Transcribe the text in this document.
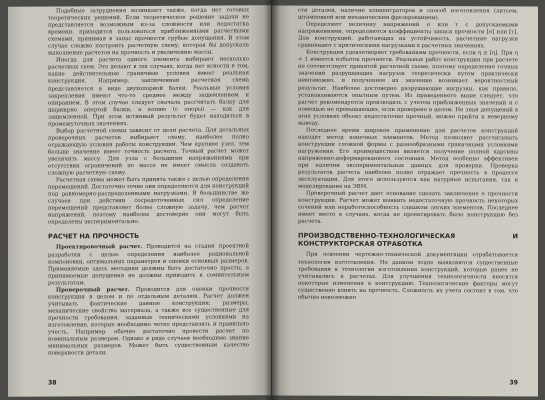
Подобные затруднения возникают также, когда нет готовых теоретических решений. Если теоретическое решение задачи не представляется возможным из-за сложности или недостатка времени, приходится пользоваться приближенными расчетными схемами, принимая в запас прочности грубые допущения. В этом случае сложно построить расчетную схему, которая бы допускала выполнение расчетов на прочность и увеличению массы.

Иногда для расчета одного элемента выбирают несколько расчетных схем. Это делают в тех случаях, когда нет ясности в том, какие действительные граничные условия имеет реальная конструкция. Например, заключенная расчетная схема представляется в виде двухопорной балки. Реальные условия закрепления имеют что-то среднее между защемлением и опиранием. В этом случае следует сначала рассчитать балку для шарнирно опертой балки, а копию (с опоры) — как для защемленной. При этом истинный результат будет находиться в промежуточных значениях.

Выбор расчетной схемы зависит от цели расчета. Для детальных проверочных расчетов выбирают схему, наиболее полно отражающую условия работы конструкции. Чем крупнее узел, тем больше значение имеет точность расчета. Точный расчет может увеличить массу. Для узла с большими напряжениями при отсутствии ограничений по массе не имеет смысла создавать сложную расчетную схему.

Расчетная схема может быть принята также с целью определения перемещений. Достаточно точно они определяются для конструкций под равномерно-распределенными нагрузками. В большинстве же случаев при действии сосредоточенных сил определение перемещений представляет более сложную задачу, чем расчет напряжений, поэтому наиболее достоверно они могут быть определены экспериментально.

РАСЧЕТ НА ПРОЧНОСТЬ

Проектировочный расчет. Проводится на стадии проектной разработки с целью определения наиболее рациональной компоновки, оптимальных параметров и оценки основных размеров. Применяемые здесь методики должны быть достаточно просты, а принимаемые допущения не должны приводить к сомнительным результатам.

Проверочный расчет. Проводится для оценки прочности конструкции в целом и по отдельным деталям. Расчет должен учитывать фактические данные конструкции: размеры, механические свойства материала, а также все существенные для прочности требования, заданные техническими условиями на изготовление, которые необходимо четко представлять и правильно учесть. Например, обычно достаточно провести расчет по номинальным размерам. Однако в ряде случаев необходимо знание минимальных размеров. Может быть существенным качество поверхности детали.

38

сти деталей, наличие концентраторов и способ изготовления (литьем, штамповкой или механическим фрезерованием).

Определяют величину напряжений σ или τ с допускаемыми напряжениями, определяются коэффициенты запаса прочности [σ] или [τ]. Для конструкций, работающих на устойчивость, расчетные нагрузки сравнивают с критическими нагрузками в расчетных значениях.

Конструкция удовлетворяет требованиям прочности, если η ≥ [η]. При η < 1 имеется избыток прочности. Реальных работ конструкции при расчете не соответствует принятой расчетной схеме, поэтому определение точных значений разрушающих нагрузок теоретически путем практически невозможно, и полученное их значение возникает вероятностный результат. Наиболее достоверно разрушающие нагрузки, как правило, устанавливаются опытным путем. Из приведенного выше следует, что расчет рекомендуется производить с учетом приближенных значений и с помощью не превышающих, если проверено в целом. Не зная допущений в этих условиях объект недостаточно прочный, можно прийти к неверному выводу.

Последнее время широкое применение для расчетов конструкций находит метод конечных элементов. Метод позволяет рассчитывать конструкции сложной формы с разнообразными граничными условиями нагружения. Его преимуществом является получение полной картины напряженно-деформированного состояния. Метод особенно эффективен при наличии экспериментальных данных для проверки. Проверка результатов расчета наиболее полно отражает прочность в процессе эксплуатации. Для этого используются как натурные испытания, так и моделирование на ЭВМ.

Проверочный расчет дает основание сделать заключение о прочности конструкции. Расчет может выявить недостаточную прочность некоторых сечений или неработоспособность слишком легких элементов. Последнее имеет место в случаях, когда не проектировать было конструкцию без расчета.

ПРОИЗВОДСТВЕННО-ТЕХНОЛОГИЧЕСКАЯ И КОНСТРУКТОРСКАЯ ОТРАБОТКА

При освоении чертежно-технической документации отрабатывается технология изготовления. Не данном этапе выявляются существенные требования к технологии изготовления конструкций, которые ранее не учитывались в расчетах. Для улучшения технологичности вносятся некоторые изменения в конструкцию. Технологические факторы могут существенно влиять на прочность. Сложность их учета состоит в том, что обычно невозможно

39
